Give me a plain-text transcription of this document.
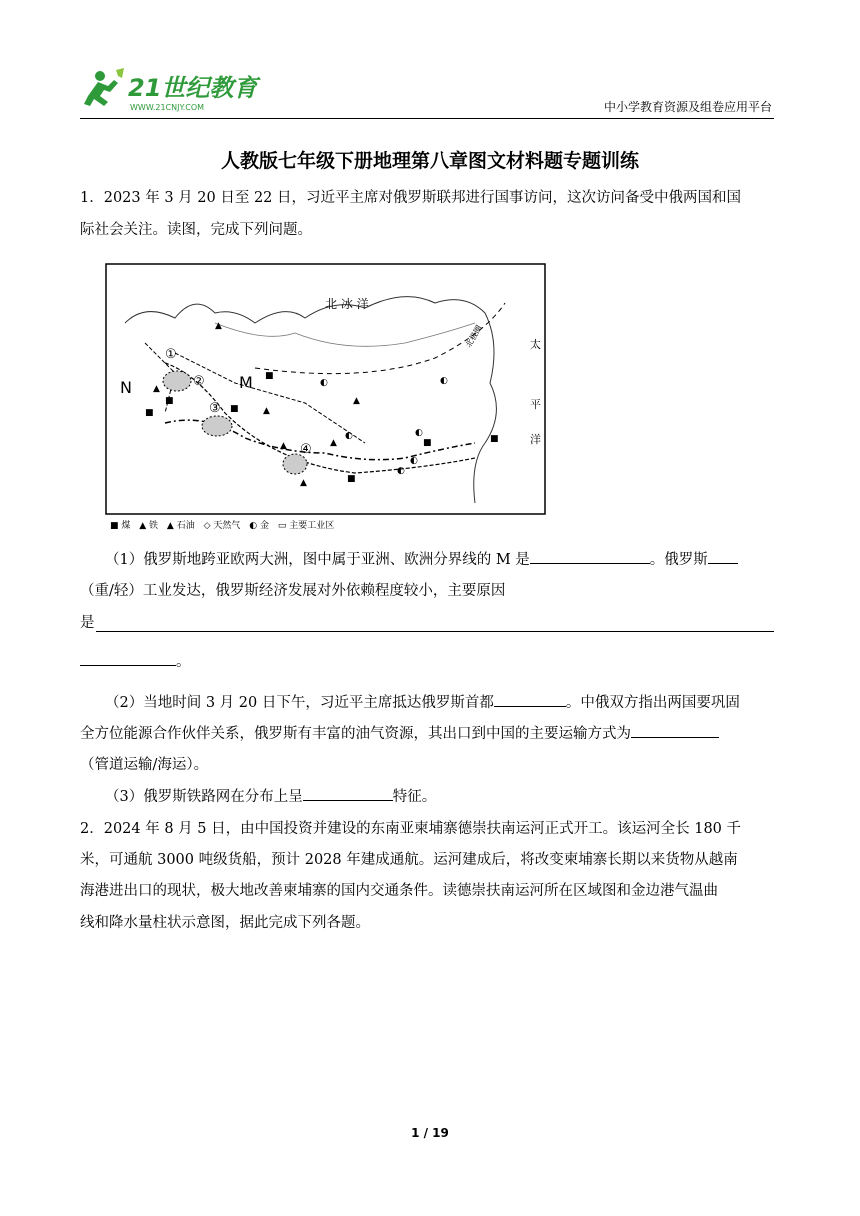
21世纪教育
WWW.21CNJY.COM	中小学教育资源及组卷应用平台
人教版七年级下册地理第八章图文材料题专题训练

1．2023 年 3 月 20 日至 22 日，习近平主席对俄罗斯联邦进行国事访问，这次访问备受中俄两国和国

际社会关注。读图，完成下列问题。

北 冰 洋
太
平
洋
北极圈
N	M
①
②
③
④
▲
▲
■
■	■
■
◐
▲
◐
◐
■
◐
▲
◐	■
▲	■
◐
▲
▲
■ 煤 ▲ 铁 ▲ 石油 ◇ 天然气 ◐ 金 ▭ 主要工业区

（1）俄罗斯地跨亚欧两大洲，图中属于亚洲、欧洲分界线的 M 是	。俄罗斯

（重/轻）工业发达，俄罗斯经济发展对外依赖程度较小，主要原因

是

。

（2）当地时间 3 月 20 日下午，习近平主席抵达俄罗斯首都	。中俄双方指出两国要巩固

全方位能源合作伙伴关系，俄罗斯有丰富的油气资源，其出口到中国的主要运输方式为

（管道运输/海运）。

（3）俄罗斯铁路网在分布上呈	特征。

2．2024 年 8 月 5 日，由中国投资并建设的东南亚柬埔寨德崇扶南运河正式开工。该运河全长 180 千

米，可通航 3000 吨级货船，预计 2028 年建成通航。运河建成后，将改变柬埔寨长期以来货物从越南

海港进出口的现状，极大地改善柬埔寨的国内交通条件。读德崇扶南运河所在区域图和金边港气温曲

线和降水量柱状示意图，据此完成下列各题。

1 / 19
